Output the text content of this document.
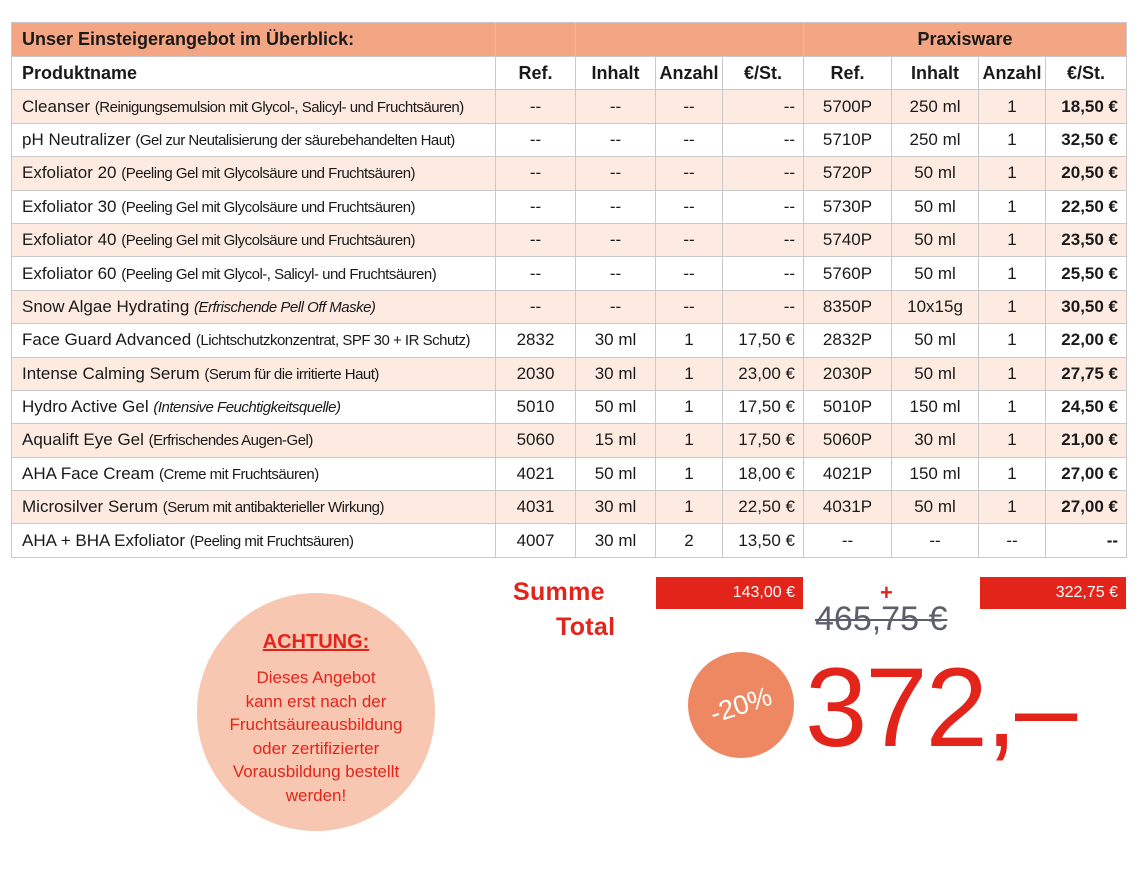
Unser Einsteigerangebot im Überblick:					Praxisware			
Produktname	Ref.	Inhalt	Anzahl	€/St.	Ref.	Inhalt	Anzahl	€/St.
Cleanser (Reinigungsemulsion mit Glycol-, Salicyl- und Fruchtsäuren)	--	--	--	--	5700P	250 ml	1	18,50 €
pH Neutralizer (Gel zur Neutalisierung der säurebehandelten Haut)	--	--	--	--	5710P	250 ml	1	32,50 €
Exfoliator 20 (Peeling Gel mit Glycolsäure und Fruchtsäuren)	--	--	--	--	5720P	50 ml	1	20,50 €
Exfoliator 30 (Peeling Gel mit Glycolsäure und Fruchtsäuren)	--	--	--	--	5730P	50 ml	1	22,50 €
Exfoliator 40 (Peeling Gel mit Glycolsäure und Fruchtsäuren)	--	--	--	--	5740P	50 ml	1	23,50 €
Exfoliator 60 (Peeling Gel mit Glycol-, Salicyl- und Fruchtsäuren)	--	--	--	--	5760P	50 ml	1	25,50 €
Snow Algae Hydrating (Erfrischende Pell Off Maske)	--	--	--	--	8350P	10x15g	1	30,50 €
Face Guard Advanced (Lichtschutzkonzentrat, SPF 30 + IR Schutz)	2832	30 ml	1	17,50 €	2832P	50 ml	1	22,00 €
Intense Calming Serum (Serum für die irritierte Haut)	2030	30 ml	1	23,00 €	2030P	50 ml	1	27,75 €
Hydro Active Gel (Intensive Feuchtigkeitsquelle)	5010	50 ml	1	17,50 €	5010P	150 ml	1	24,50 €
Aqualift Eye Gel (Erfrischendes Augen-Gel)	5060	15 ml	1	17,50 €	5060P	30 ml	1	21,00 €
AHA Face Cream (Creme mit Fruchtsäuren)	4021	50 ml	1	18,00 €	4021P	150 ml	1	27,00 €
Microsilver Serum (Serum mit antibakterieller Wirkung)	4031	30 ml	1	22,50 €	4031P	50 ml	1	27,00 €
AHA + BHA Exfoliator (Peeling mit Fruchtsäuren)	4007	30 ml	2	13,50 €	--	--	--	--
Summe
Total
143,00 €	+	322,75 €
465,75 €
-20% 372,–
ACHTUNG:
Dieses Angebot
kann erst nach der
Fruchtsäureausbildung
oder zertifizierter
Vorausbildung bestellt
werden!
